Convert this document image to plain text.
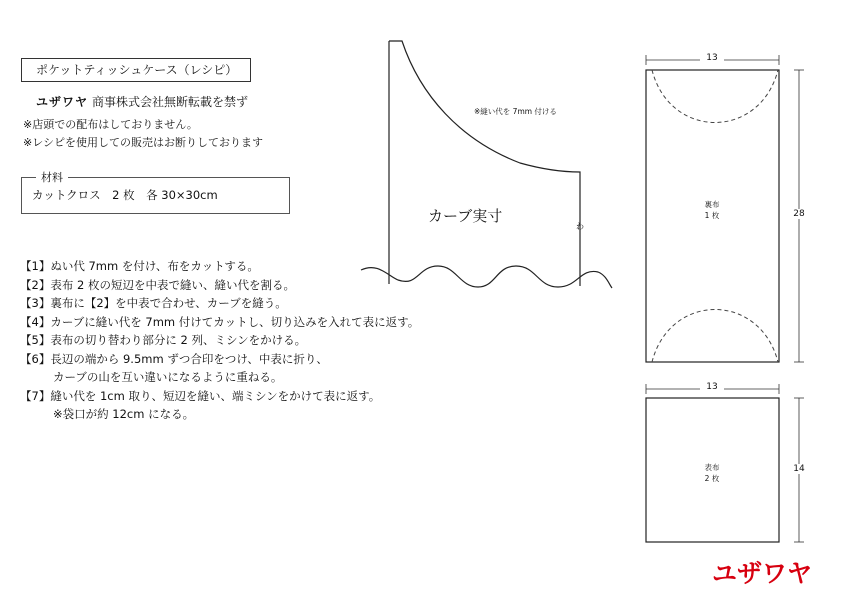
ポケットティッシュケース（レシピ）
ユザワヤ 商事株式会社無断転載を禁ず
※店頭での配布はしておりません。
※レシピを使用しての販売はお断りしております
材料
カットクロス　2 枚　各 30×30cm
【1】ぬい代 7mm を付け、布をカットする。
【2】表布 2 枚の短辺を中表で縫い、縫い代を割る。
【3】裏布に【2】を中表で合わせ、カーブを縫う。
【4】カーブに縫い代を 7mm 付けてカットし、切り込みを入れて表に返す。
【5】表布の切り替わり部分に 2 列、ミシンをかける。
【6】長辺の端から 9.5mm ずつ合印をつけ、中表に折り、
カーブの山を互い違いになるように重ねる。
【7】縫い代を 1cm 取り、短辺を縫い、端ミシンをかけて表に返す。
※袋口が約 12cm になる。
※縫い代を 7mm 付ける
カーブ実寸
わ
13
28
裏布
1 枚
13
14
表布
2 枚
ユザワヤ
